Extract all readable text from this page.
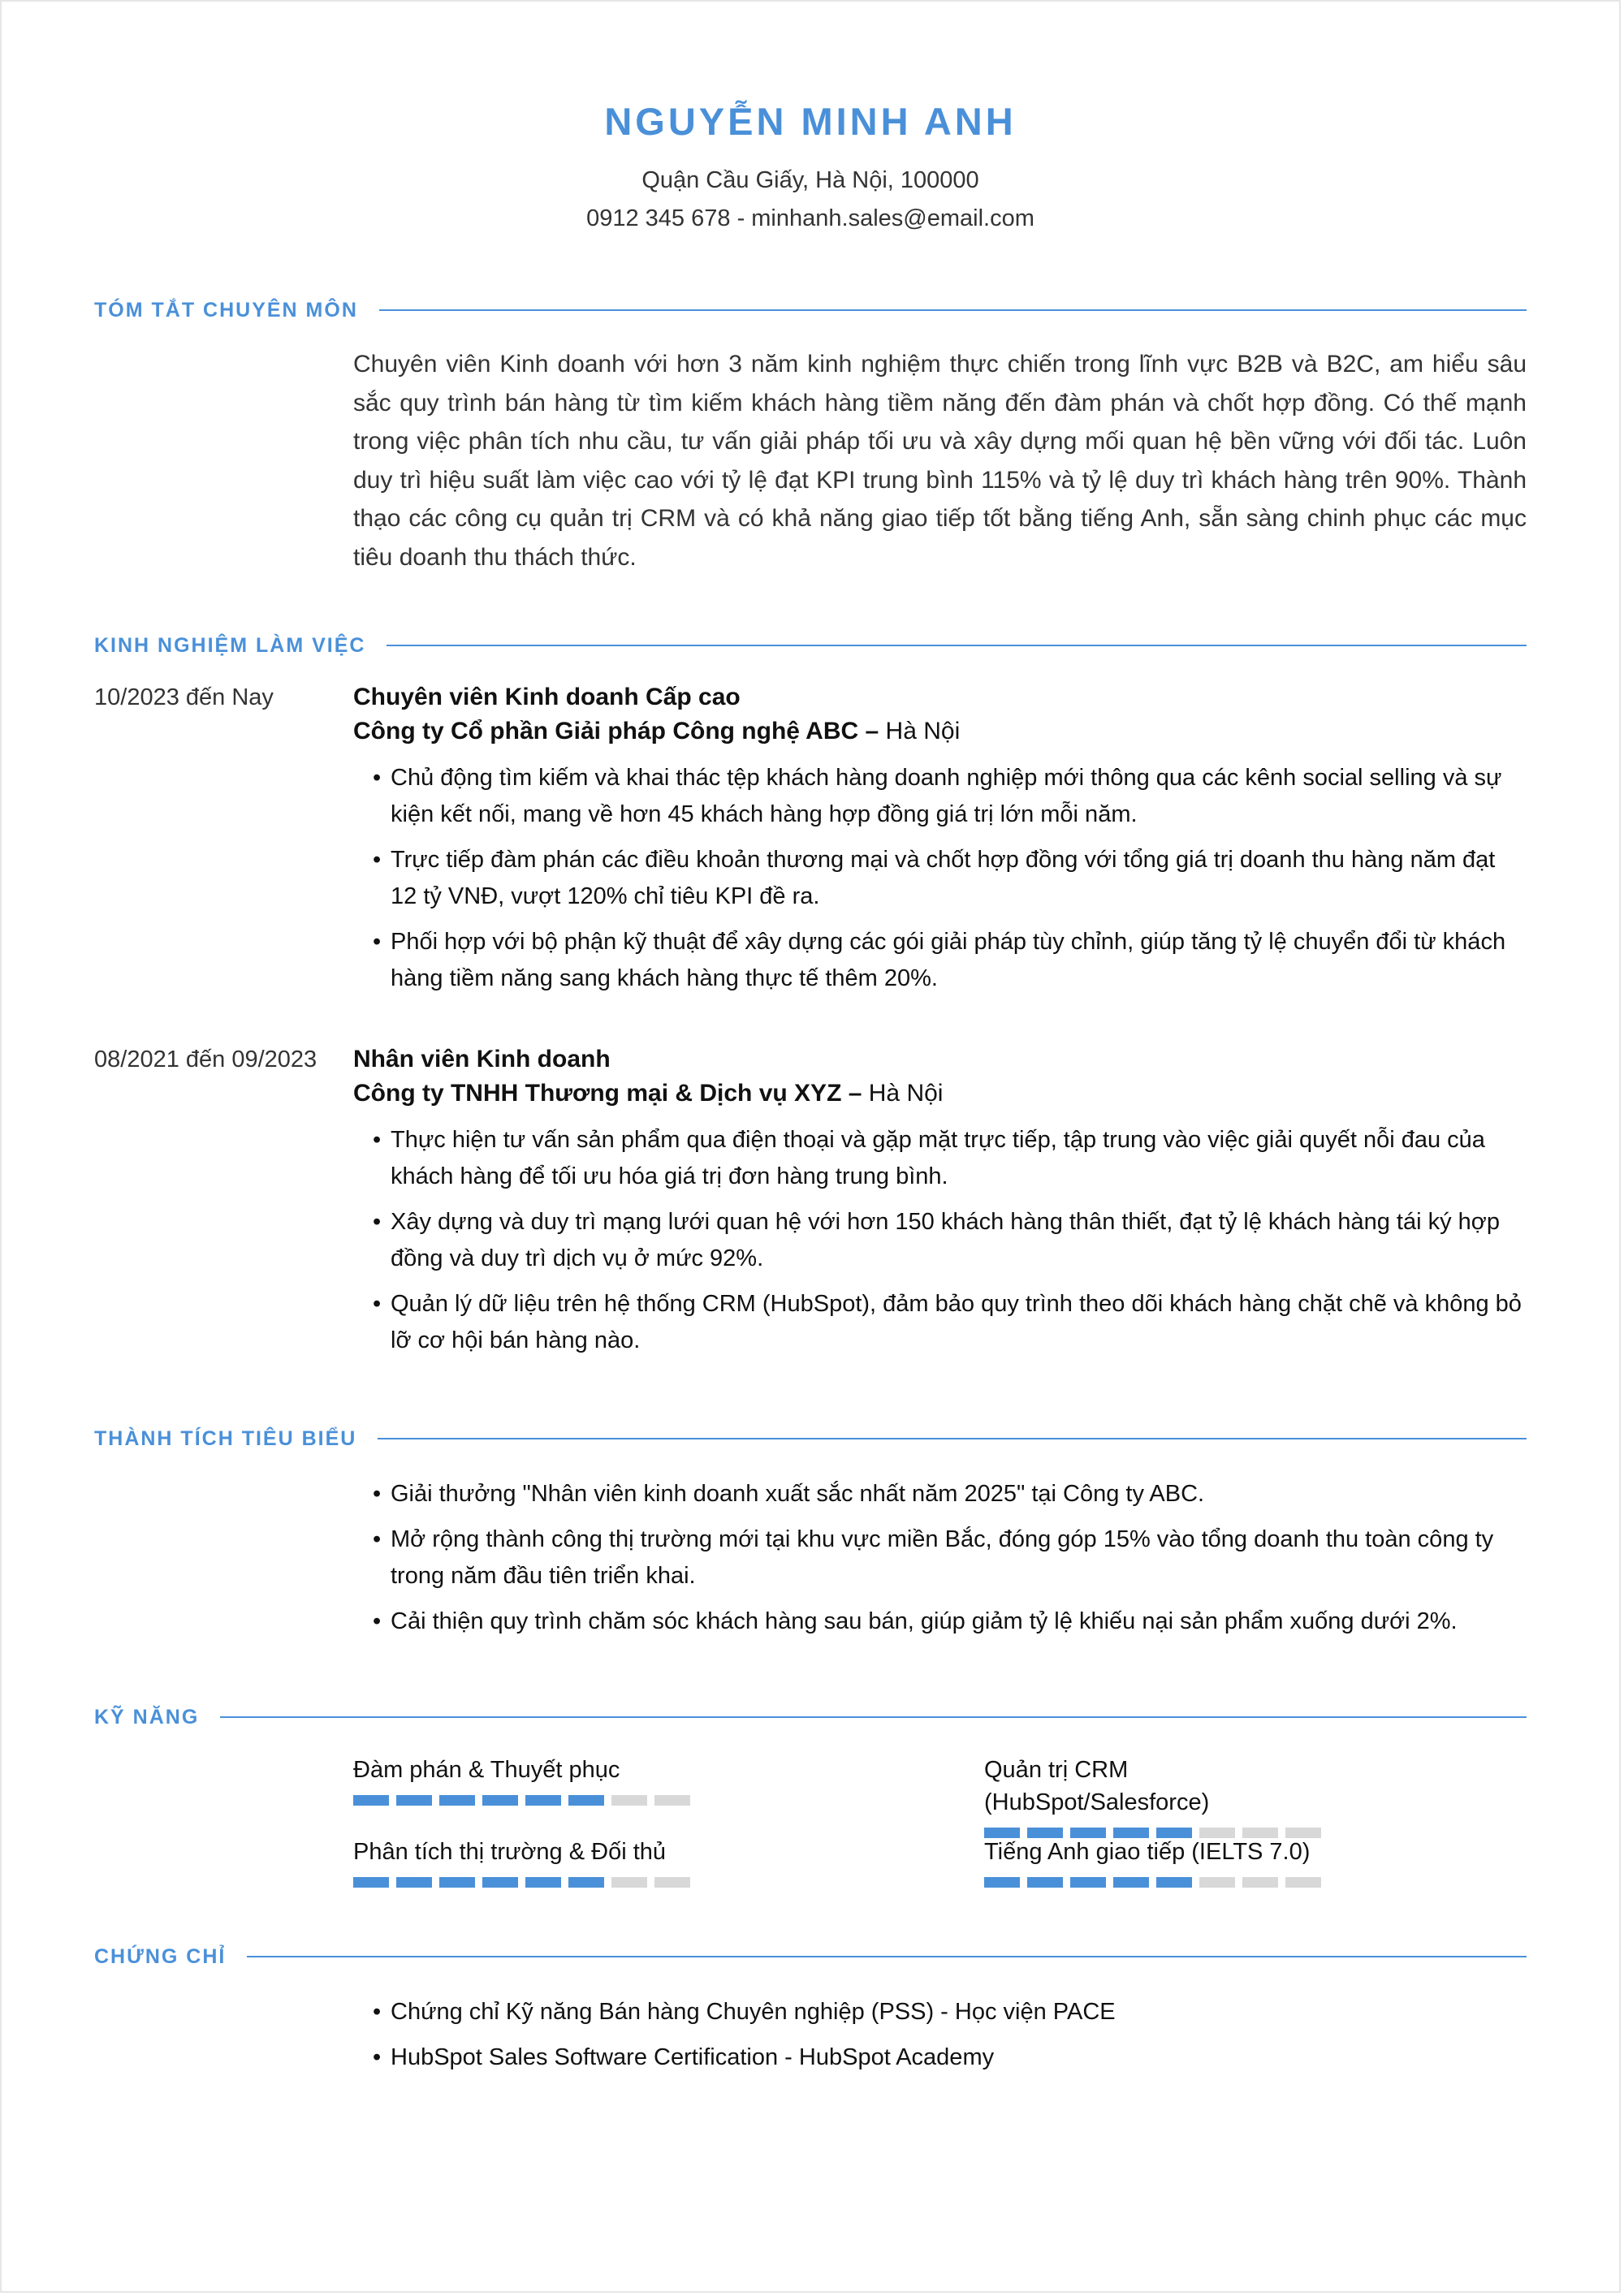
NGUYỄN MINH ANH
Quận Cầu Giấy, Hà Nội, 100000
0912 345 678 - minhanh.sales@email.com
TÓM TẮT CHUYÊN MÔN
Chuyên viên Kinh doanh với hơn 3 năm kinh nghiệm thực chiến trong lĩnh vực B2B và B2C, am hiểu sâu sắc quy trình bán hàng từ tìm kiếm khách hàng tiềm năng đến đàm phán và chốt hợp đồng. Có thế mạnh trong việc phân tích nhu cầu, tư vấn giải pháp tối ưu và xây dựng mối quan hệ bền vững với đối tác. Luôn duy trì hiệu suất làm việc cao với tỷ lệ đạt KPI trung bình 115% và tỷ lệ duy trì khách hàng trên 90%. Thành thạo các công cụ quản trị CRM và có khả năng giao tiếp tốt bằng tiếng Anh, sẵn sàng chinh phục các mục tiêu doanh thu thách thức.
KINH NGHIỆM LÀM VIỆC
10/2023 đến Nay	Chuyên viên Kinh doanh Cấp cao
Công ty Cổ phần Giải pháp Công nghệ ABC – Hà Nội
• Chủ động tìm kiếm và khai thác tệp khách hàng doanh nghiệp mới thông qua các kênh social selling và sự kiện kết nối, mang về hơn 45 khách hàng hợp đồng giá trị lớn mỗi năm.
• Trực tiếp đàm phán các điều khoản thương mại và chốt hợp đồng với tổng giá trị doanh thu hàng năm đạt 12 tỷ VNĐ, vượt 120% chỉ tiêu KPI đề ra.
• Phối hợp với bộ phận kỹ thuật để xây dựng các gói giải pháp tùy chỉnh, giúp tăng tỷ lệ chuyển đổi từ khách hàng tiềm năng sang khách hàng thực tế thêm 20%.
08/2021 đến 09/2023 Nhân viên Kinh doanh
Công ty TNHH Thương mại & Dịch vụ XYZ – Hà Nội
• Thực hiện tư vấn sản phẩm qua điện thoại và gặp mặt trực tiếp, tập trung vào việc giải quyết nỗi đau của khách hàng để tối ưu hóa giá trị đơn hàng trung bình.
• Xây dựng và duy trì mạng lưới quan hệ với hơn 150 khách hàng thân thiết, đạt tỷ lệ khách hàng tái ký hợp đồng và duy trì dịch vụ ở mức 92%.
• Quản lý dữ liệu trên hệ thống CRM (HubSpot), đảm bảo quy trình theo dõi khách hàng chặt chẽ và không bỏ lỡ cơ hội bán hàng nào.
THÀNH TÍCH TIÊU BIỂU
• Giải thưởng "Nhân viên kinh doanh xuất sắc nhất năm 2025" tại Công ty ABC.
• Mở rộng thành công thị trường mới tại khu vực miền Bắc, đóng góp 15% vào tổng doanh thu toàn công ty trong năm đầu tiên triển khai.
• Cải thiện quy trình chăm sóc khách hàng sau bán, giúp giảm tỷ lệ khiếu nại sản phẩm xuống dưới 2%.
KỸ NĂNG
Đàm phán & Thuyết phục	Quản trị CRM (HubSpot/Salesforce)
Phân tích thị trường & Đối thủ	Tiếng Anh giao tiếp (IELTS 7.0)
CHỨNG CHỈ
• Chứng chỉ Kỹ năng Bán hàng Chuyên nghiệp (PSS) - Học viện PACE
• HubSpot Sales Software Certification - HubSpot Academy
